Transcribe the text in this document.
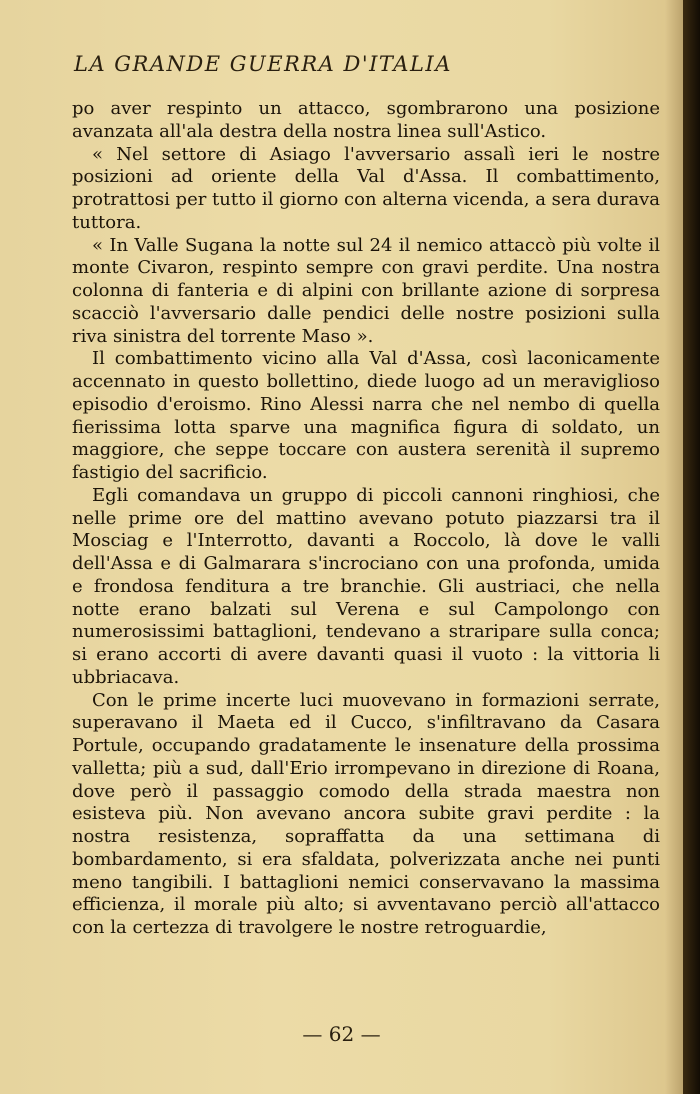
LA GRANDE GUERRA D'ITALIA

po aver respinto un attacco, sgombrarono una posizione avanzata all'ala destra della nostra linea sull'Astico.

« Nel settore di Asiago l'avversario assalì ieri le nostre posizioni ad oriente della Val d'Assa. Il combattimento, protrattosi per tutto il giorno con alterna vicenda, a sera durava tuttora.

« In Valle Sugana la notte sul 24 il nemico attaccò più volte il monte Civaron, respinto sempre con gravi perdite. Una nostra colonna di fanteria e di alpini con brillante azione di sorpresa scacciò l'avversario dalle pendici delle nostre posizioni sulla riva sinistra del torrente Maso ».

Il combattimento vicino alla Val d'Assa, così laconicamente accennato in questo bollettino, diede luogo ad un meraviglioso episodio d'eroismo. Rino Alessi narra che nel nembo di quella fierissima lotta sparve una magnifica figura di soldato, un maggiore, che seppe toccare con austera serenità il supremo fastigio del sacrificio.

Egli comandava un gruppo di piccoli cannoni ringhiosi, che nelle prime ore del mattino avevano potuto piazzarsi tra il Mosciag e l'Interrotto, davanti a Roccolo, là dove le valli dell'Assa e di Galmarara s'incrociano con una profonda, umida e frondosa fenditura a tre branchie. Gli austriaci, che nella notte erano balzati sul Verena e sul Campolongo con numerosissimi battaglioni, tendevano a straripare sulla conca; si erano accorti di avere davanti quasi il vuoto : la vittoria li ubbriacava.

Con le prime incerte luci muovevano in formazioni serrate, superavano il Maeta ed il Cucco, s'infiltravano da Casara Portule, occupando gradatamente le insenature della prossima valletta; più a sud, dall'Erio irrompevano in direzione di Roana, dove però il passaggio comodo della strada maestra non esisteva più. Non avevano ancora subite gravi perdite : la nostra resistenza, sopraffatta da una settimana di bombardamento, si era sfaldata, polverizzata anche nei punti meno tangibili. I battaglioni nemici conservavano la massima efficienza, il morale più alto; si avventavano perciò all'attacco con la certezza di travolgere le nostre retroguardie,

— 62 —
